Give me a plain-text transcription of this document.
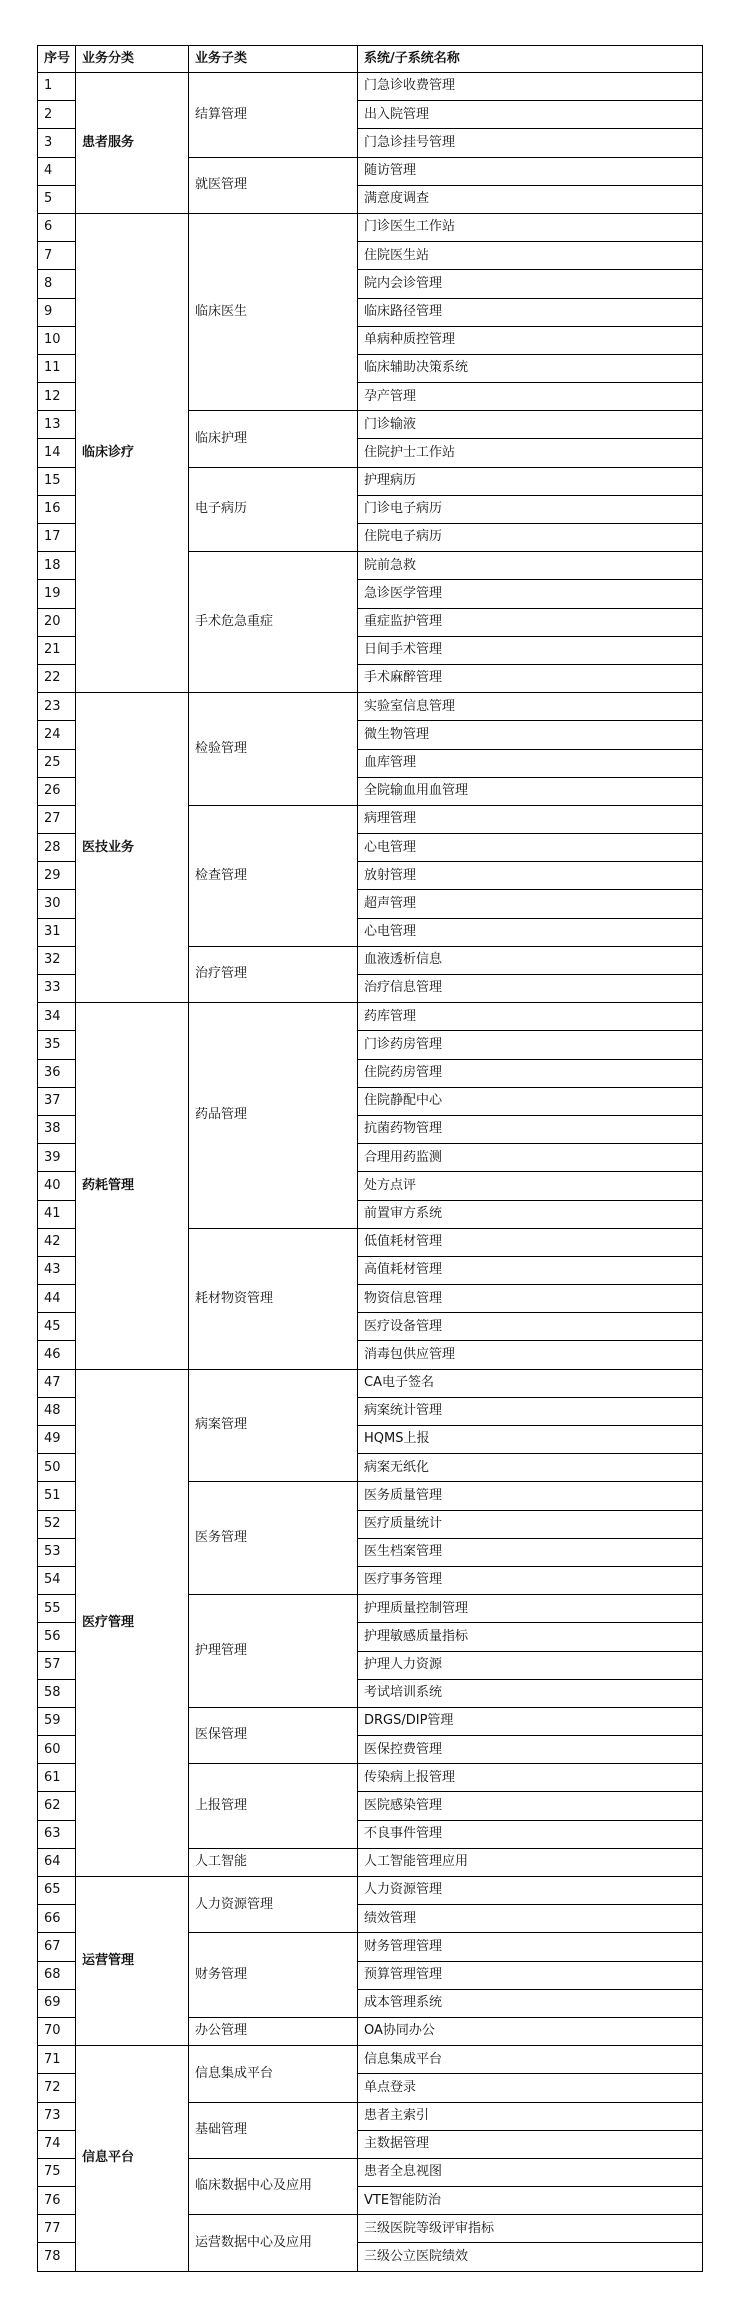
序号	业务分类	业务子类	系统/子系统名称
1	患者服务	结算管理	门急诊收费管理
2			出入院管理
3			门急诊挂号管理
4		就医管理	随访管理
5			满意度调查
6	临床诊疗	临床医生	门诊医生工作站
7			住院医生站
8			院内会诊管理
9			临床路径管理
10			单病种质控管理
11			临床辅助决策系统
12			孕产管理
13		临床护理	门诊输液
14			住院护士工作站
15		电子病历	护理病历
16			门诊电子病历
17			住院电子病历
18		手术危急重症	院前急救
19			急诊医学管理
20			重症监护管理
21			日间手术管理
22			手术麻醉管理
23	医技业务	检验管理	实验室信息管理
24			微生物管理
25			血库管理
26			全院输血用血管理
27		检查管理	病理管理
28			心电管理
29			放射管理
30			超声管理
31			心电管理
32		治疗管理	血液透析信息
33			治疗信息管理
34	药耗管理	药品管理	药库管理
35			门诊药房管理
36			住院药房管理
37			住院静配中心
38			抗菌药物管理
39			合理用药监测
40			处方点评
41			前置审方系统
42		耗材物资管理	低值耗材管理
43			高值耗材管理
44			物资信息管理
45			医疗设备管理
46			消毒包供应管理
47	医疗管理	病案管理	CA电子签名
48			病案统计管理
49			HQMS上报
50			病案无纸化
51		医务管理	医务质量管理
52			医疗质量统计
53			医生档案管理
54			医疗事务管理
55		护理管理	护理质量控制管理
56			护理敏感质量指标
57			护理人力资源
58			考试培训系统
59		医保管理	DRGS/DIP管理
60			医保控费管理
61		上报管理	传染病上报管理
62			医院感染管理
63			不良事件管理
64		人工智能	人工智能管理应用
65	运营管理	人力资源管理	人力资源管理
66			绩效管理
67		财务管理	财务管理管理
68			预算管理管理
69			成本管理系统
70		办公管理	OA协同办公
71	信息平台	信息集成平台	信息集成平台
72			单点登录
73		基础管理	患者主索引
74			主数据管理
75		临床数据中心及应用	患者全息视图
76			VTE智能防治
77		运营数据中心及应用	三级医院等级评审指标
78			三级公立医院绩效
